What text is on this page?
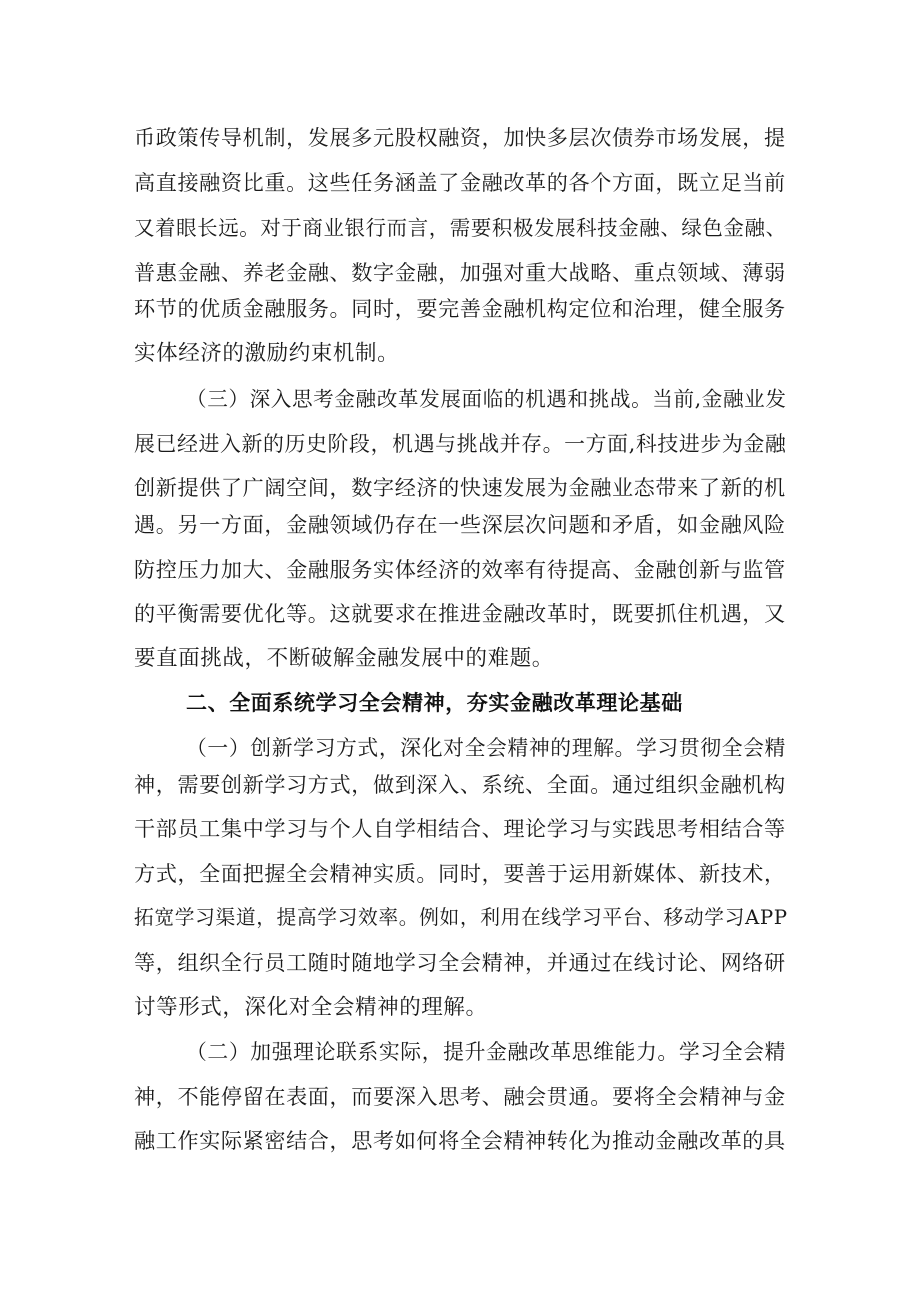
币政策传导机制，发展多元股权融资，加快多层次债券市场发展，提
高直接融资比重。这些任务涵盖了金融改革的各个方面，既立足当前
又着眼长远。对于商业银行而言，需要积极发展科技金融、绿色金融、
普惠金融、养老金融、数字金融，加强对重大战略、重点领域、薄弱
环节的优质金融服务。同时，要完善金融机构定位和治理，健全服务
实体经济的激励约束机制。
（三）深入思考金融改革发展面临的机遇和挑战。当前,金融业发
展已经进入新的历史阶段，机遇与挑战并存。一方面,科技进步为金融
创新提供了广阔空间，数字经济的快速发展为金融业态带来了新的机
遇。另一方面，金融领域仍存在一些深层次问题和矛盾，如金融风险
防控压力加大、金融服务实体经济的效率有待提高、金融创新与监管
的平衡需要优化等。这就要求在推进金融改革时，既要抓住机遇，又
要直面挑战，不断破解金融发展中的难题。
二、全面系统学习全会精神，夯实金融改革理论基础
（一）创新学习方式，深化对全会精神的理解。学习贯彻全会精
神，需要创新学习方式，做到深入、系统、全面。通过组织金融机构
干部员工集中学习与个人自学相结合、理论学习与实践思考相结合等
方式，全面把握全会精神实质。同时，要善于运用新媒体、新技术，
拓宽学习渠道，提高学习效率。例如，利用在线学习平台、移动学习APP
等，组织全行员工随时随地学习全会精神，并通过在线讨论、网络研
讨等形式，深化对全会精神的理解。
（二）加强理论联系实际，提升金融改革思维能力。学习全会精
神，不能停留在表面，而要深入思考、融会贯通。要将全会精神与金
融工作实际紧密结合，思考如何将全会精神转化为推动金融改革的具
